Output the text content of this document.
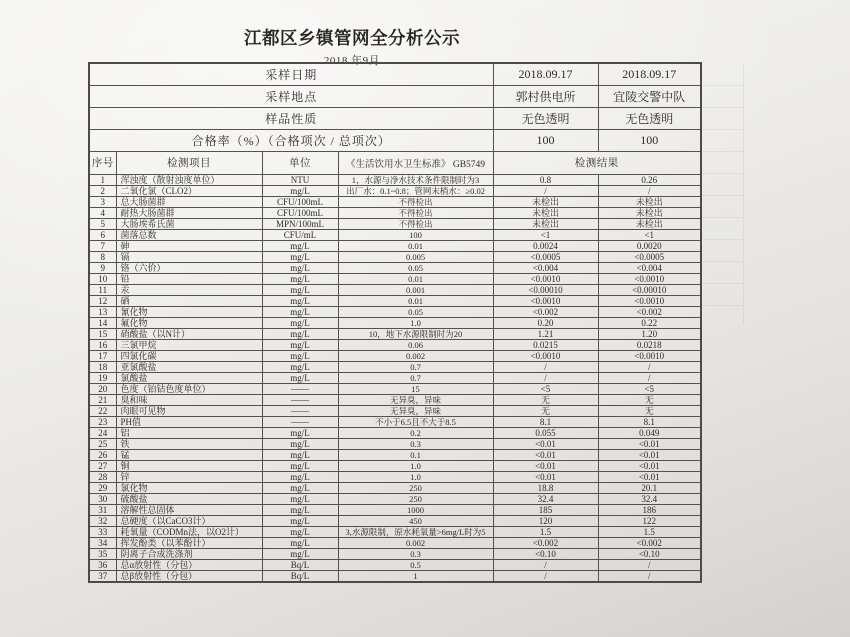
江都区乡镇管网全分析公示
2018 年9月
采样日期				2018.09.17	2018.09.17
采样地点				郭村供电所	宜陵交警中队
样品性质				无色透明	无色透明
合格率（%）（合格项次 / 总项次）				100	100
序号	检测项目	单位	《生活饮用水卫生标准》 GB5749	检测结果	
1	浑浊度（散射浊度单位）	NTU	1，水源与净水技术条件限制时为3	0.8	0.26
2	二氧化氯（CLO2）	mg/L	出厂水：0.1~0.8；管网末梢水：≥0.02	/	/
3	总大肠菌群	CFU/100mL	不得检出	未检出	未检出
4	耐热大肠菌群	CFU/100mL	不得检出	未检出	未检出
5	大肠埃希氏菌	MPN/100mL	不得检出	未检出	未检出
6	菌落总数	CFU/mL	100	<1	<1
7	砷	mg/L	0.01	0.0024	0.0020
8	镉	mg/L	0.005	<0.0005	<0.0005
9	铬（六价）	mg/L	0.05	<0.004	<0.004
10	铅	mg/L	0.01	<0.0010	<0.0010
11	汞	mg/L	0.001	<0.00010	<0.00010
12	硒	mg/L	0.01	<0.0010	<0.0010
13	氰化物	mg/L	0.05	<0.002	<0.002
14	氟化物	mg/L	1.0	0.20	0.22
15	硝酸盐（以N计）	mg/L	10，地下水源限制时为20	1.21	1.20
16	三氯甲烷	mg/L	0.06	0.0215	0.0218
17	四氯化碳	mg/L	0.002	<0.0010	<0.0010
18	亚氯酸盐	mg/L	0.7	/	/
19	氯酸盐	mg/L	0.7	/	/
20	色度（铂钴色度单位）	——	15	<5	<5
21	臭和味	——	无异臭，异味	无	无
22	肉眼可见物	——	无异臭，异味	无	无
23	PH值	——	不小于6.5且不大于8.5	8.1	8.1
24	铝	mg/L	0.2	0.055	0.049
25	铁	mg/L	0.3	<0.01	<0.01
26	锰	mg/L	0.1	<0.01	<0.01
27	铜	mg/L	1.0	<0.01	<0.01
28	锌	mg/L	1.0	<0.01	<0.01
29	氯化物	mg/L	250	18.8	20.1
30	硫酸盐	mg/L	250	32.4	32.4
31	溶解性总固体	mg/L	1000	185	186
32	总硬度（以CaCO3计）	mg/L	450	120	122
33	耗氧量（CODMn法，以O2计）	mg/L	3,水源限制，原水耗氧量>6mg/L时为5	1.5	1.5
34	挥发酚类（以苯酚计）	mg/L	0.002	<0.002	<0.002
35	阴离子合成洗涤剂	mg/L	0.3	<0.10	<0.10
36	总α放射性（分包）	Bq/L	0.5	/	/
37	总β放射性（分包）	Bq/L	1	/	/
